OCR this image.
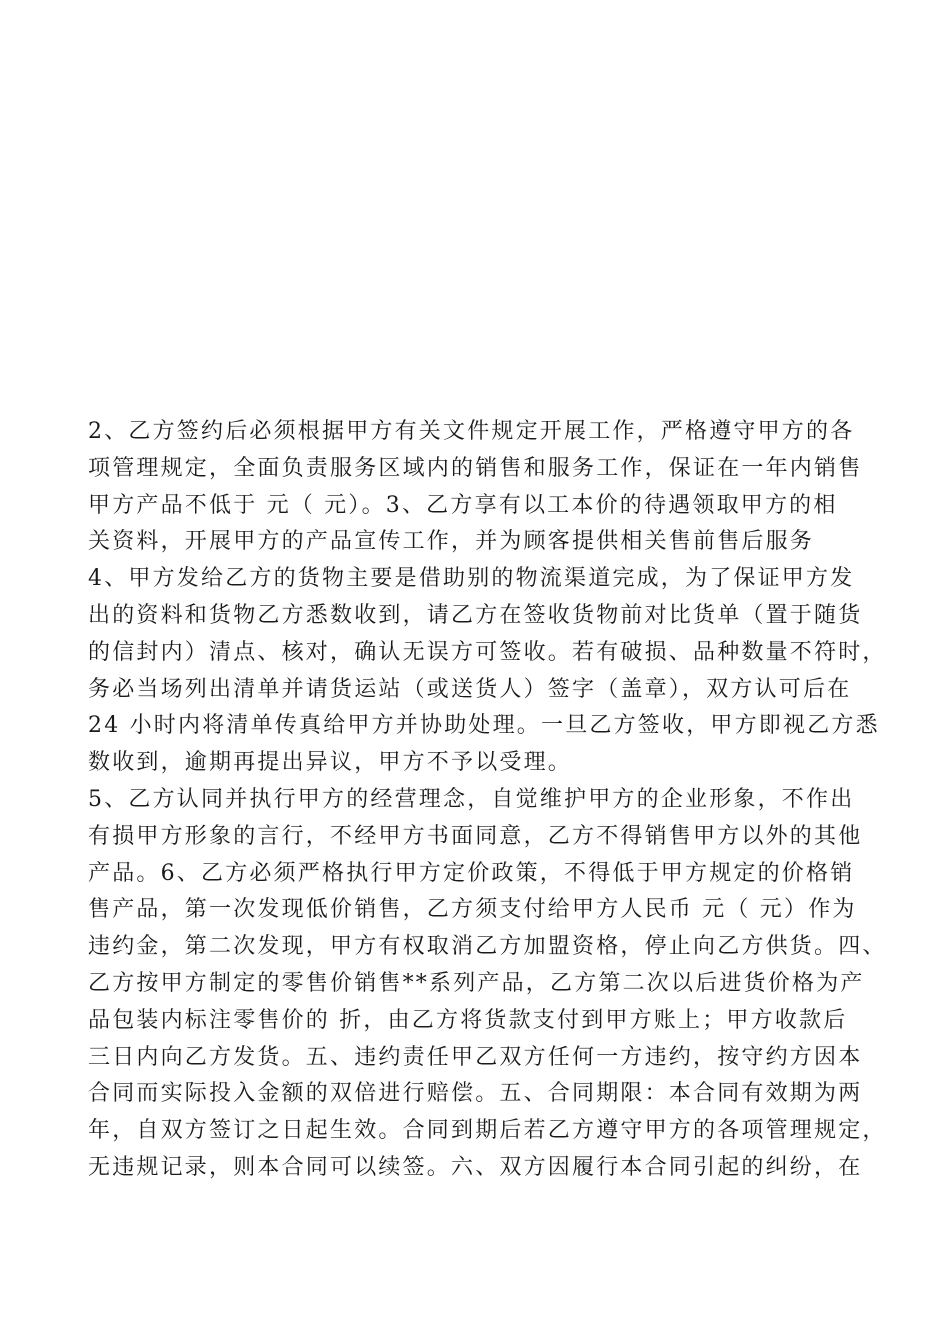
2、乙方签约后必须根据甲方有关文件规定开展工作，严格遵守甲方的各
项管理规定，全面负责服务区域内的销售和服务工作，保证在一年内销售
甲方产品不低于 元（ 元）。3、乙方享有以工本价的待遇领取甲方的相
关资料，开展甲方的产品宣传工作，并为顾客提供相关售前售后服务
4、甲方发给乙方的货物主要是借助别的物流渠道完成，为了保证甲方发
出的资料和货物乙方悉数收到，请乙方在签收货物前对比货单（置于随货
的信封内）清点、核对，确认无误方可签收。若有破损、品种数量不符时，
务必当场列出清单并请货运站（或送货人）签字（盖章），双方认可后在
24 小时内将清单传真给甲方并协助处理。一旦乙方签收，甲方即视乙方悉
数收到，逾期再提出异议，甲方不予以受理。
5、乙方认同并执行甲方的经营理念，自觉维护甲方的企业形象，不作出
有损甲方形象的言行，不经甲方书面同意，乙方不得销售甲方以外的其他
产品。6、乙方必须严格执行甲方定价政策，不得低于甲方规定的价格销
售产品，第一次发现低价销售，乙方须支付给甲方人民币 元（ 元）作为
违约金，第二次发现，甲方有权取消乙方加盟资格，停止向乙方供货。四、
乙方按甲方制定的零售价销售**系列产品，乙方第二次以后进货价格为产
品包装内标注零售价的 折，由乙方将货款支付到甲方账上；甲方收款后
三日内向乙方发货。五、违约责任甲乙双方任何一方违约，按守约方因本
合同而实际投入金额的双倍进行赔偿。五、合同期限：本合同有效期为两
年，自双方签订之日起生效。合同到期后若乙方遵守甲方的各项管理规定，
无违规记录，则本合同可以续签。六、双方因履行本合同引起的纠纷，在
